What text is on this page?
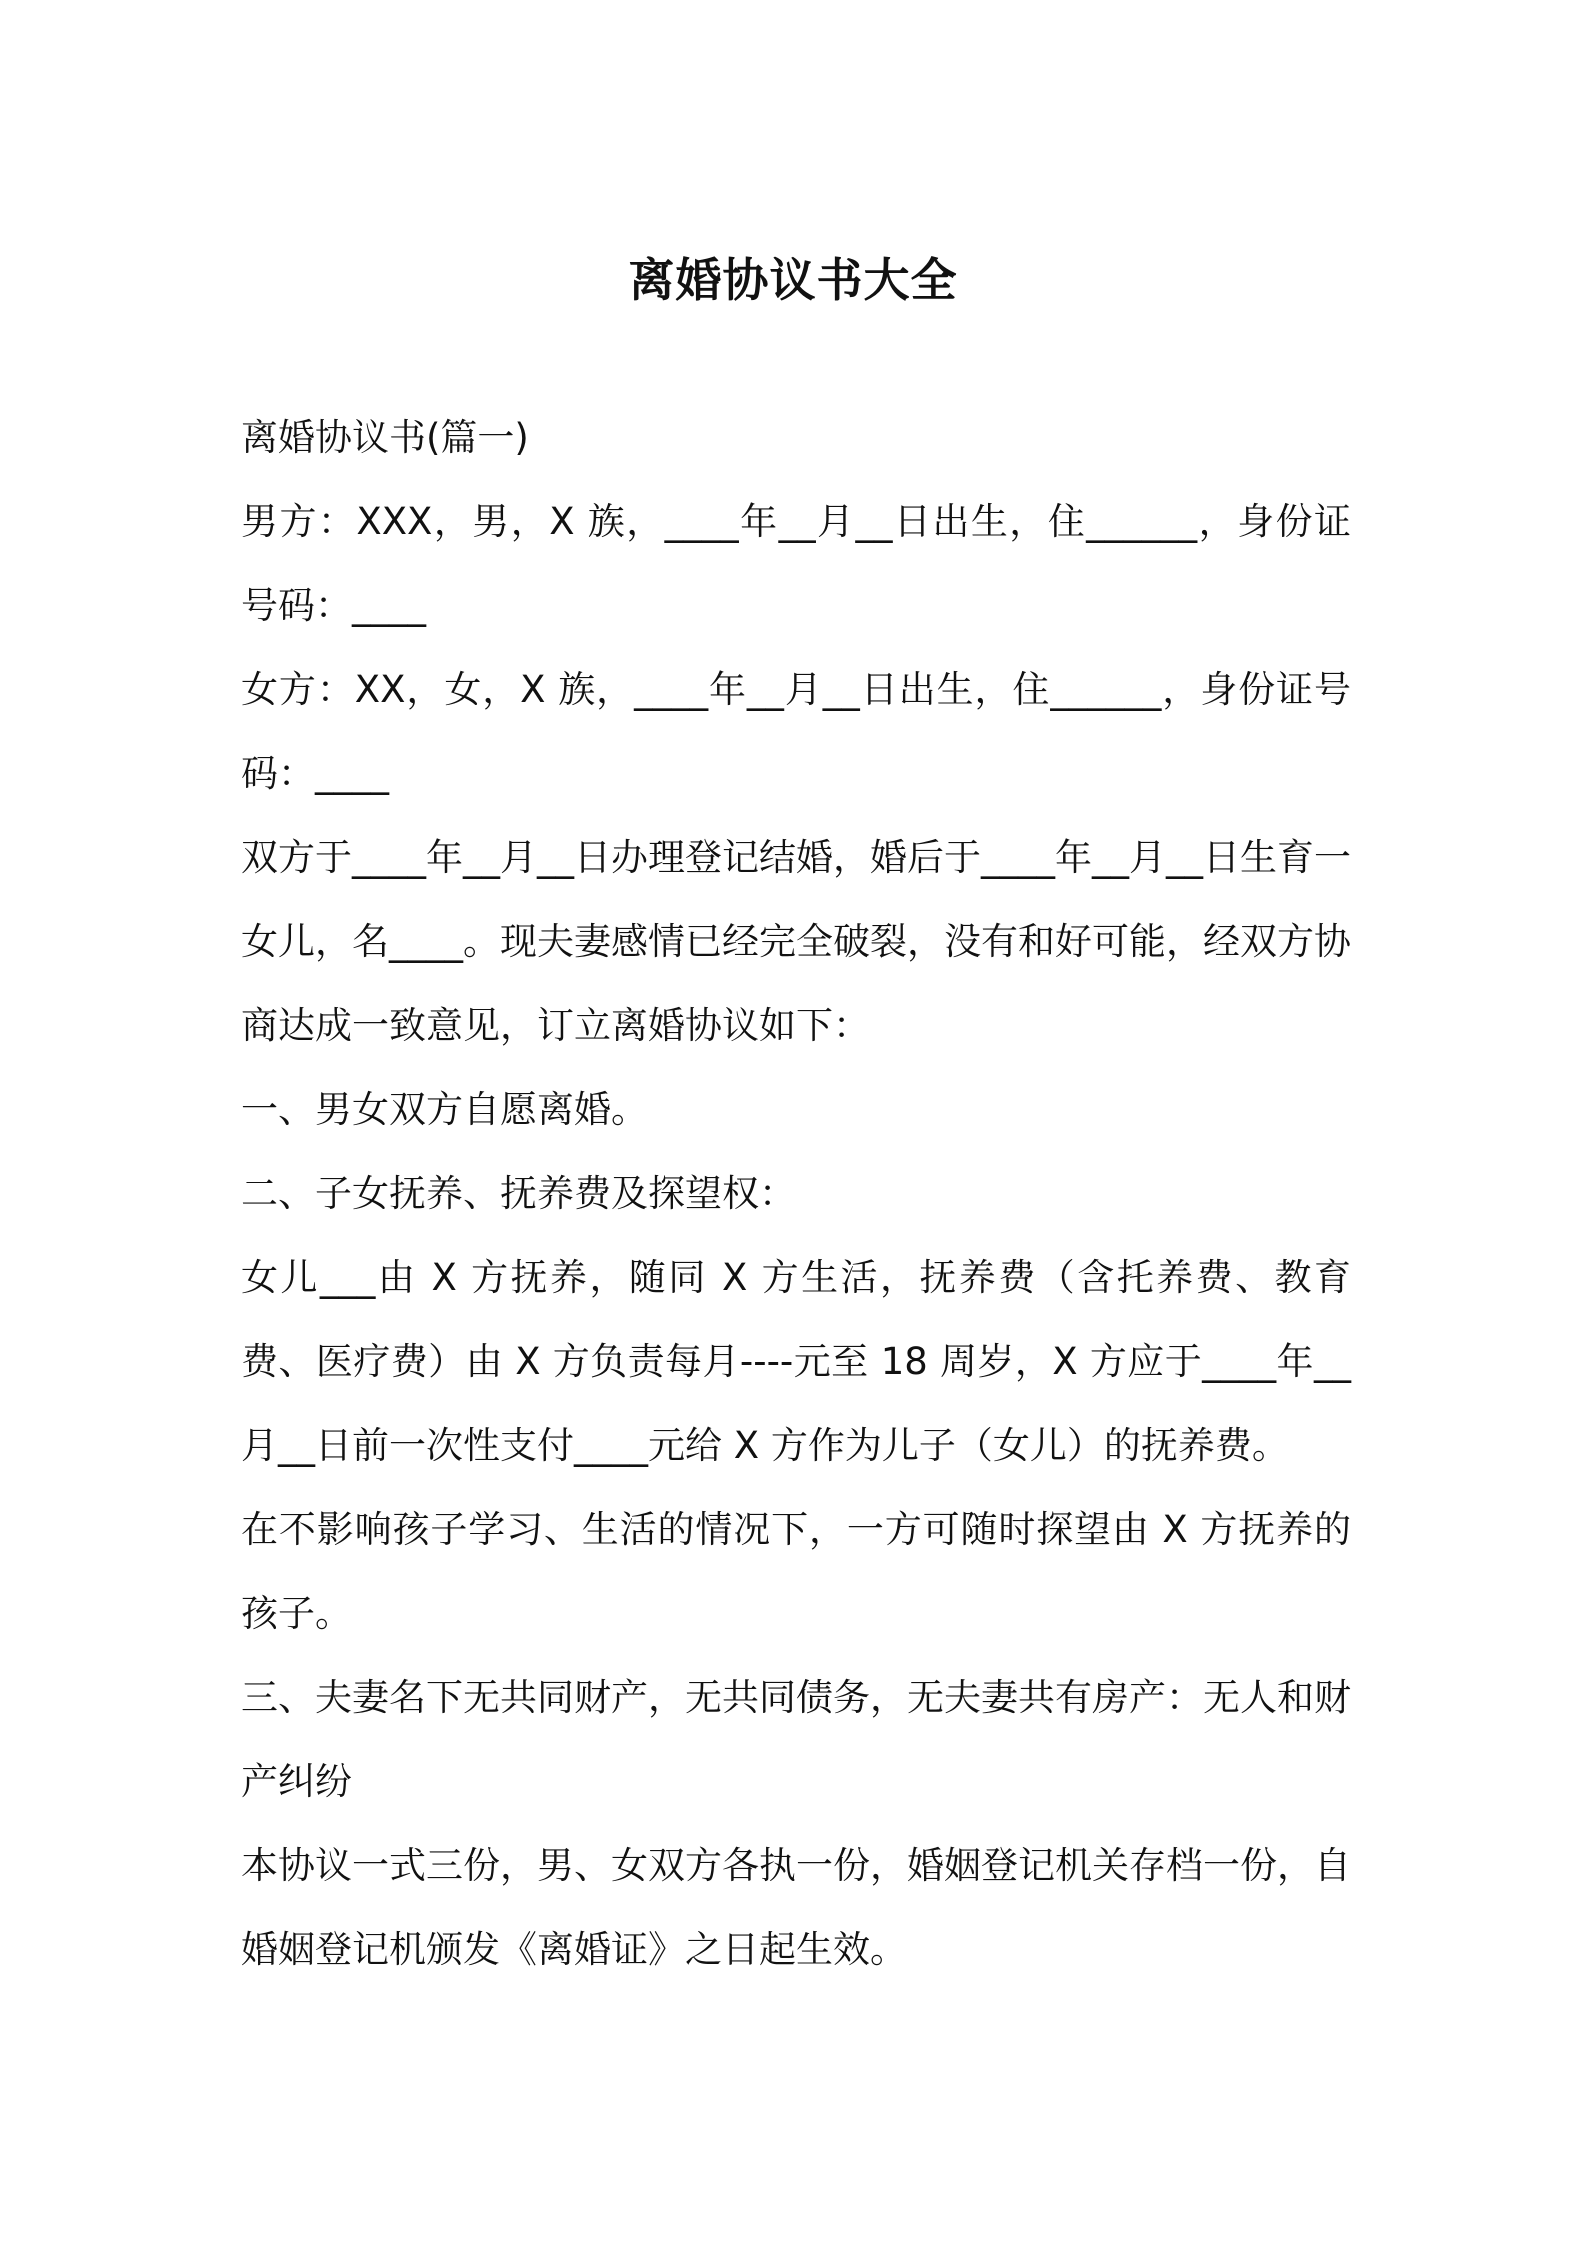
离婚协议书大全

离婚协议书(篇一)

男方：XXX，男，X 族，____年__月__日出生，住______，身份证号码：____

女方：XX，女，X 族，____年__月__日出生，住______，身份证号码：____

双方于____年__月__日办理登记结婚，婚后于____年__月__日生育一女儿，名____。现夫妻感情已经完全破裂，没有和好可能，经双方协商达成一致意见，订立离婚协议如下：

一、男女双方自愿离婚。

二、子女抚养、抚养费及探望权：

女儿___由 X 方抚养，随同 X 方生活，抚养费（含托养费、教育费、医疗费）由 X 方负责每月----元至 18 周岁，X 方应于____年__月__日前一次性支付____元给 X 方作为儿子（女儿）的抚养费。

在不影响孩子学习、生活的情况下，一方可随时探望由 X 方抚养的孩子。

三、夫妻名下无共同财产，无共同债务，无夫妻共有房产：无人和财产纠纷

本协议一式三份，男、女双方各执一份，婚姻登记机关存档一份，自婚姻登记机颁发《离婚证》之日起生效。
